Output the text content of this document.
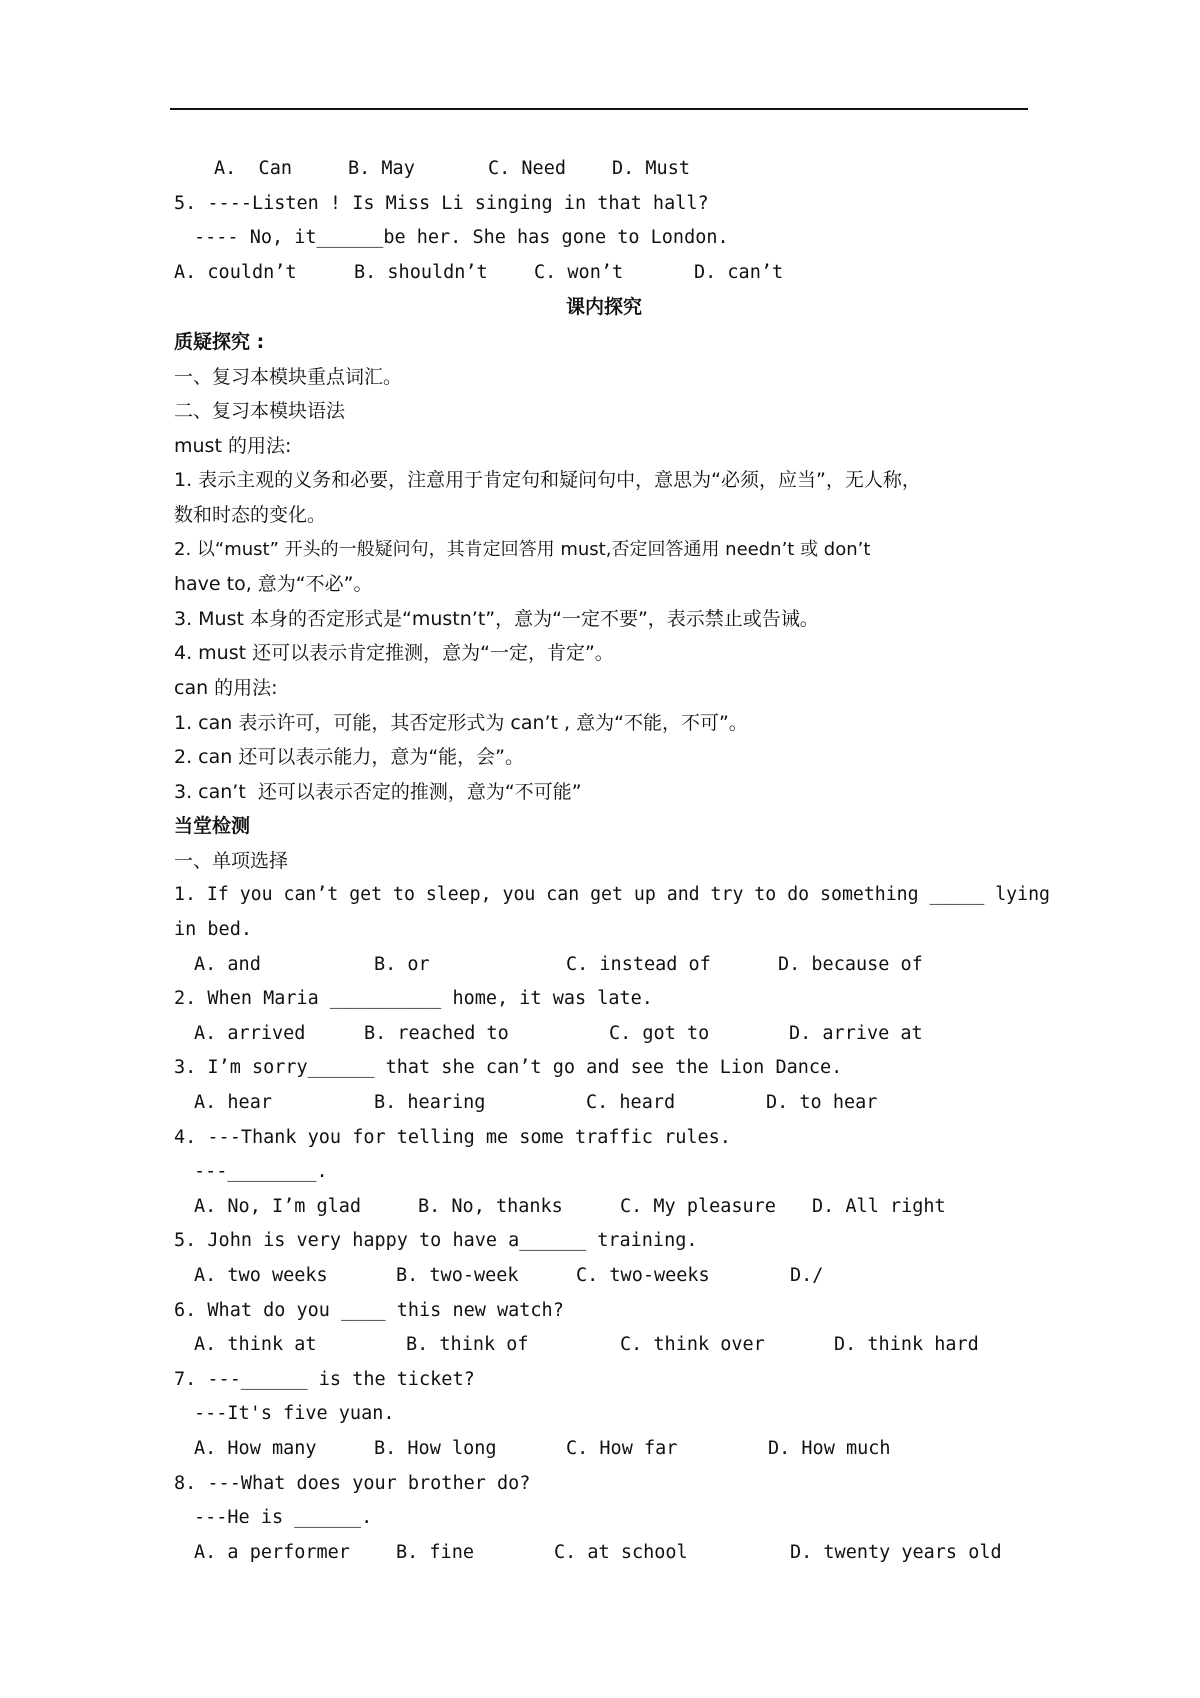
A.  Can	B. May	C. Need	D. Must
5. ----Listen ! Is Miss Li singing in that hall?
---- No, it______be her. She has gone to London.
A. couldn’t	B. shouldn’t	C. won’t	D. can’t
课内探究
质疑探究 :
一、复习本模块重点词汇。
二、复习本模块语法
must 的用法:
1. 表示主观的义务和必要，注意用于肯定句和疑问句中，意思为“必须，应当”，无人称，
数和时态的变化。
2. 以“must” 开头的一般疑问句，其肯定回答用 must,否定回答通用 needn’t 或 don’t
have to, 意为“不必”。
3. Must 本身的否定形式是“mustn’t”，意为“一定不要”，表示禁止或告诫。
4. must 还可以表示肯定推测，意为“一定，肯定”。
can 的用法:
1. can 表示许可，可能，其否定形式为 can’t , 意为“不能，不可”。
2. can 还可以表示能力，意为“能，会”。
3. can’t  还可以表示否定的推测，意为“不可能”
当堂检测
一、单项选择
1. If you can’t get to sleep, you can get up and try to do something _____ lying
in bed.
A. and	B. or	C. instead of	D. because of
2. When Maria __________ home, it was late.
A. arrived	B. reached to	C. got to	D. arrive at
3. I’m sorry______ that she can’t go and see the Lion Dance.
A. hear	B. hearing	C. heard	D. to hear
4. ---Thank you for telling me some traffic rules.
---________.
A. No, I’m glad	B. No, thanks	C. My pleasure	D. All right
5. John is very happy to have a______ training.
A. two weeks	B. two-week	C. two-weeks	D./
6. What do you ____ this new watch?
A. think at	B. think of	C. think over	D. think hard
7. ---______ is the ticket?
---It's five yuan.
A. How many	B. How long	C. How far	D. How much
8. ---What does your brother do?
---He is ______.
A. a performer	B. fine	C. at school	D. twenty years old
